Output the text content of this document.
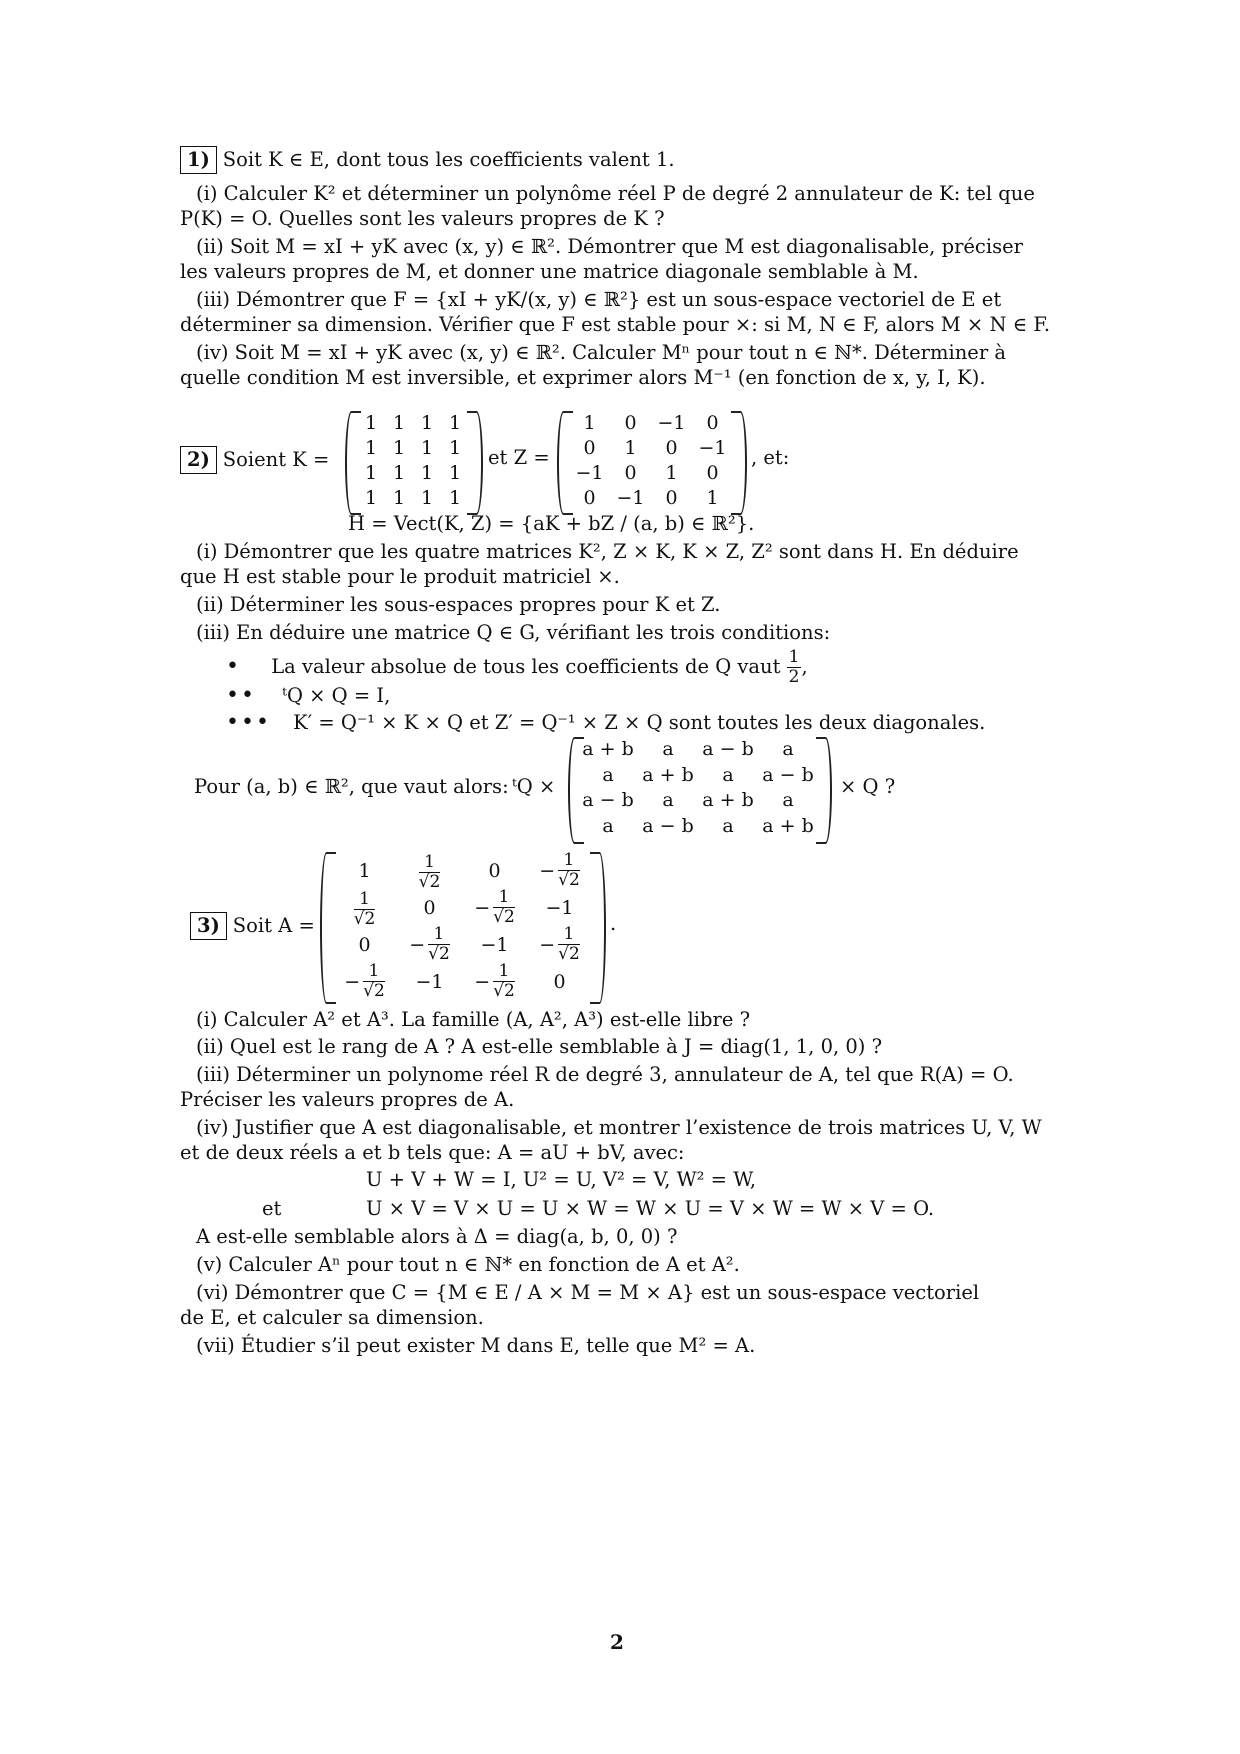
1) Soit K ∈ E, dont tous les coefficients valent 1.
(i) Calculer K² et déterminer un polynôme réel P de degré 2 annulateur de K: tel que
P(K) = O. Quelles sont les valeurs propres de K ?
(ii) Soit M = xI + yK avec (x, y) ∈ ℝ². Démontrer que M est diagonalisable, préciser
les valeurs propres de M, et donner une matrice diagonale semblable à M.
(iii) Démontrer que F = {xI + yK/(x, y) ∈ ℝ²} est un sous-espace vectoriel de E et
déterminer sa dimension. Vérifier que F est stable pour ×: si M, N ∈ F, alors M × N ∈ F.
(iv) Soit M = xI + yK avec (x, y) ∈ ℝ². Calculer Mⁿ pour tout n ∈ ℕ*. Déterminer à
quelle condition M est inversible, et exprimer alors M⁻¹ (en fonction de x, y, I, K).
2) Soient K =
1 1 1 1
1 1 1 1
1 1 1 1
1 1 1 1
et Z =
1	0	−1	0
0	1	0	−1
−1	0	1	0
0	−1	0	1
, et:
H = Vect(K, Z) = {aK + bZ / (a, b) ∈ ℝ²}.
(i) Démontrer que les quatre matrices K², Z × K, K × Z, Z² sont dans H. En déduire
que H est stable pour le produit matriciel ×.
(ii) Déterminer les sous-espaces propres pour K et Z.
(iii) En déduire une matrice Q ∈ G, vérifiant les trois conditions:
• La valeur absolue de tous les coefficients de Q vaut $\frac{1}{2}$ ,
•• ᵗQ × Q = I,
••• K′ = Q⁻¹ × K × Q et Z′ = Q⁻¹ × Z × Q sont toutes les deux diagonales.
Pour (a, b) ∈ ℝ², que vaut alors: ᵗQ ×
a + b	a	a − b	a
a	a + b	a	a − b
a − b	a	a + b	a
a	a − b	a	a + b
× Q ?
3) Soit A =
1	$\frac{1}{√2}$	0	− $\frac{1}{√2}$
$\frac{1}{√2}$	0	− $\frac{1}{√2}$	−1
0	− $\frac{1}{√2}$	−1	− $\frac{1}{√2}$
− $\frac{1}{√2}$	−1	− $\frac{1}{√2}$	0
.
(i) Calculer A² et A³. La famille (A, A², A³) est-elle libre ?
(ii) Quel est le rang de A ? A est-elle semblable à J = diag(1, 1, 0, 0) ?
(iii) Déterminer un polynome réel R de degré 3, annulateur de A, tel que R(A) = O.
Préciser les valeurs propres de A.
(iv) Justifier que A est diagonalisable, et montrer l’existence de trois matrices U, V, W
et de deux réels a et b tels que: A = aU + bV, avec:
U + V + W = I, U² = U, V² = V, W² = W,
et	U × V = V × U = U × W = W × U = V × W = W × V = O.
A est-elle semblable alors à Δ = diag(a, b, 0, 0) ?
(v) Calculer Aⁿ pour tout n ∈ ℕ* en fonction de A et A².
(vi) Démontrer que C = {M ∈ E / A × M = M × A} est un sous-espace vectoriel
de E, et calculer sa dimension.
(vii) Étudier s’il peut exister M dans E, telle que M² = A.
2
